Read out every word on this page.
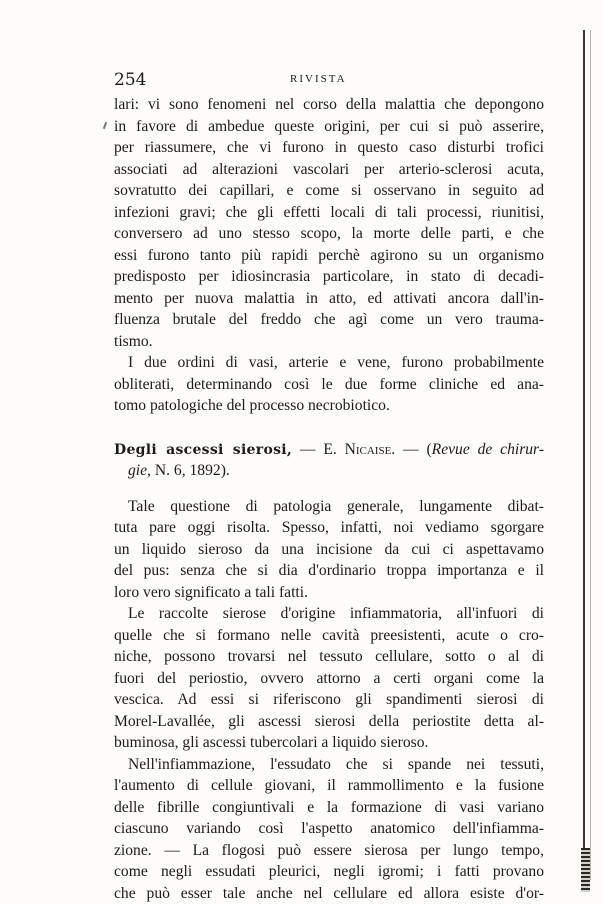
254	RIVISTA
lari: vi sono fenomeni nel corso della malattia che depongono
in favore di ambedue queste origini, per cui si può asserire,
per riassumere, che vi furono in questo caso disturbi trofici
associati ad alterazioni vascolari per arterio-sclerosi acuta,
sovratutto dei capillari, e come si osservano in seguito ad
infezioni gravi; che gli effetti locali di tali processi, riunitisi,
conversero ad uno stesso scopo, la morte delle parti, e che
essi furono tanto più rapidi perchè agirono su un organismo
predisposto per idiosincrasia particolare, in stato di decadi-
mento per nuova malattia in atto, ed attivati ancora dall'in-
fluenza brutale del freddo che agì come un vero trauma-
tismo.
I due ordini di vasi, arterie e vene, furono probabilmente
obliterati, determinando così le due forme cliniche ed ana-
tomo patologiche del processo necrobiotico.
Degli ascessi sierosi, — E. Nicaise. — (Revue de chirur-
gie, N. 6, 1892).
Tale questione di patologia generale, lungamente dibat-
tuta pare oggi risolta. Spesso, infatti, noi vediamo sgorgare
un liquido sieroso da una incisione da cui ci aspettavamo
del pus: senza che si dia d'ordinario troppa importanza e il
loro vero significato a tali fatti.
Le raccolte sierose d'origine infiammatoria, all'infuori di
quelle che si formano nelle cavità preesistenti, acute o cro-
niche, possono trovarsi nel tessuto cellulare, sotto o al di
fuori del periostio, ovvero attorno a certi organi come la
vescica. Ad essi si riferiscono gli spandimenti sierosi di
Morel-Lavallée, gli ascessi sierosi della periostite detta al-
buminosa, gli ascessi tubercolari a liquido sieroso.
Nell'infiammazione, l'essudato che si spande nei tessuti,
l'aumento di cellule giovani, il rammollimento e la fusione
delle fibrille congiuntivali e la formazione di vasi variano
ciascuno variando così l'aspetto anatomico dell'infiamma-
zione. — La flogosi può essere sierosa per lungo tempo,
come negli essudati pleurici, negli igromi; i fatti provano
che può esser tale anche nel cellulare ed allora esiste d'or-
